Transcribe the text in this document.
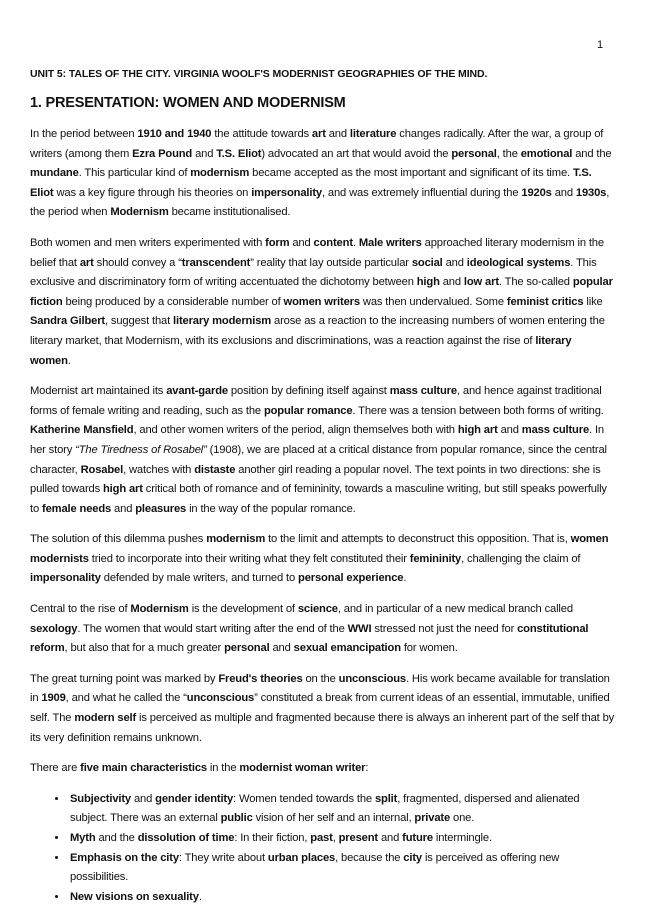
1
UNIT 5: TALES OF THE CITY. VIRGINIA WOOLF'S MODERNIST GEOGRAPHIES OF THE MIND.
1. PRESENTATION: WOMEN AND MODERNISM
In the period between 1910 and 1940 the attitude towards art and literature changes radically. After the war, a group of writers (among them Ezra Pound and T.S. Eliot) advocated an art that would avoid the personal, the emotional and the mundane. This particular kind of modernism became accepted as the most important and significant of its time. T.S. Eliot was a key figure through his theories on impersonality, and was extremely influential during the 1920s and 1930s, the period when Modernism became institutionalised.
Both women and men writers experimented with form and content. Male writers approached literary modernism in the belief that art should convey a “transcendent” reality that lay outside particular social and ideological systems. This exclusive and discriminatory form of writing accentuated the dichotomy between high and low art. The so-called popular fiction being produced by a considerable number of women writers was then undervalued. Some feminist critics like Sandra Gilbert, suggest that literary modernism arose as a reaction to the increasing numbers of women entering the literary market, that Modernism, with its exclusions and discriminations, was a reaction against the rise of literary women.
Modernist art maintained its avant-garde position by defining itself against mass culture, and hence against traditional forms of female writing and reading, such as the popular romance. There was a tension between both forms of writing. Katherine Mansfield, and other women writers of the period, align themselves both with high art and mass culture. In her story “The Tiredness of Rosabel” (1908), we are placed at a critical distance from popular romance, since the central character, Rosabel, watches with distaste another girl reading a popular novel. The text points in two directions: she is pulled towards high art critical both of romance and of femininity, towards a masculine writing, but still speaks powerfully to female needs and pleasures in the way of the popular romance.
The solution of this dilemma pushes modernism to the limit and attempts to deconstruct this opposition. That is, women modernists tried to incorporate into their writing what they felt constituted their femininity, challenging the claim of impersonality defended by male writers, and turned to personal experience.
Central to the rise of Modernism is the development of science, and in particular of a new medical branch called sexology. The women that would start writing after the end of the WWI stressed not just the need for constitutional reform, but also that for a much greater personal and sexual emancipation for women.
The great turning point was marked by Freud's theories on the unconscious. His work became available for translation in 1909, and what he called the “unconscious” constituted a break from current ideas of an essential, immutable, unified self. The modern self is perceived as multiple and fragmented because there is always an inherent part of the self that by its very definition remains unknown.
There are five main characteristics in the modernist woman writer:
• Subjectivity and gender identity: Women tended towards the split, fragmented, dispersed and alienated subject. There was an external public vision of her self and an internal, private one.
• Myth and the dissolution of time: In their fiction, past, present and future intermingle.
• Emphasis on the city: They write about urban places, because the city is perceived as offering new possibilities.
• New visions on sexuality.
